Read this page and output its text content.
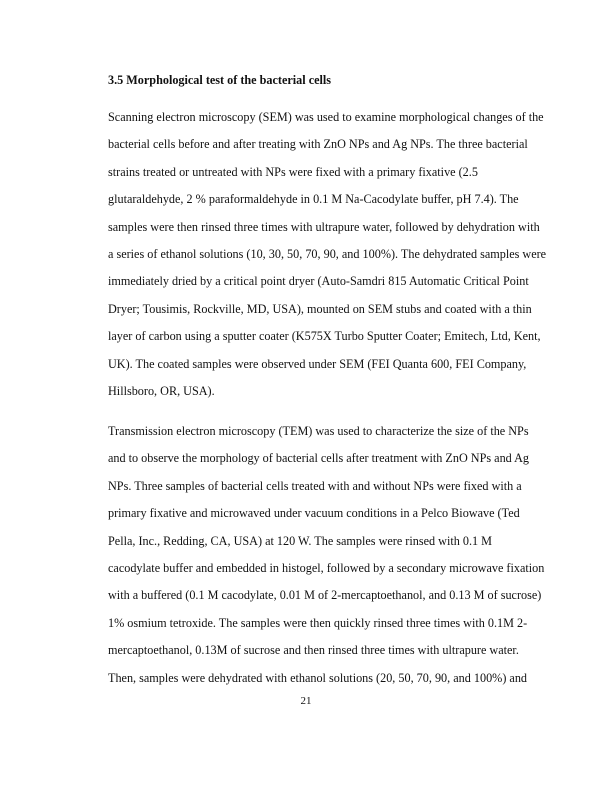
3.5 Morphological test of the bacterial cells
Scanning electron microscopy (SEM) was used to examine morphological changes of the
bacterial cells before and after treating with ZnO NPs and Ag NPs. The three bacterial
strains treated or untreated with NPs were fixed with a primary fixative (2.5
glutaraldehyde, 2 % paraformaldehyde in 0.1 M Na-Cacodylate buffer, pH 7.4). The
samples were then rinsed three times with ultrapure water, followed by dehydration with
a series of ethanol solutions (10, 30, 50, 70, 90, and 100%). The dehydrated samples were
immediately dried by a critical point dryer (Auto-Samdri 815 Automatic Critical Point
Dryer; Tousimis, Rockville, MD, USA), mounted on SEM stubs and coated with a thin
layer of carbon using a sputter coater (K575X Turbo Sputter Coater; Emitech, Ltd, Kent,
UK). The coated samples were observed under SEM (FEI Quanta 600, FEI Company,
Hillsboro, OR, USA).
Transmission electron microscopy (TEM) was used to characterize the size of the NPs
and to observe the morphology of bacterial cells after treatment with ZnO NPs and Ag
NPs. Three samples of bacterial cells treated with and without NPs were fixed with a
primary fixative and microwaved under vacuum conditions in a Pelco Biowave (Ted
Pella, Inc., Redding, CA, USA) at 120 W. The samples were rinsed with 0.1 M
cacodylate buffer and embedded in histogel, followed by a secondary microwave fixation
with a buffered (0.1 M cacodylate, 0.01 M of 2-mercaptoethanol, and 0.13 M of sucrose)
1% osmium tetroxide. The samples were then quickly rinsed three times with 0.1M 2-
mercaptoethanol, 0.13M of sucrose and then rinsed three times with ultrapure water.
Then, samples were dehydrated with ethanol solutions (20, 50, 70, 90, and 100%) and
21
